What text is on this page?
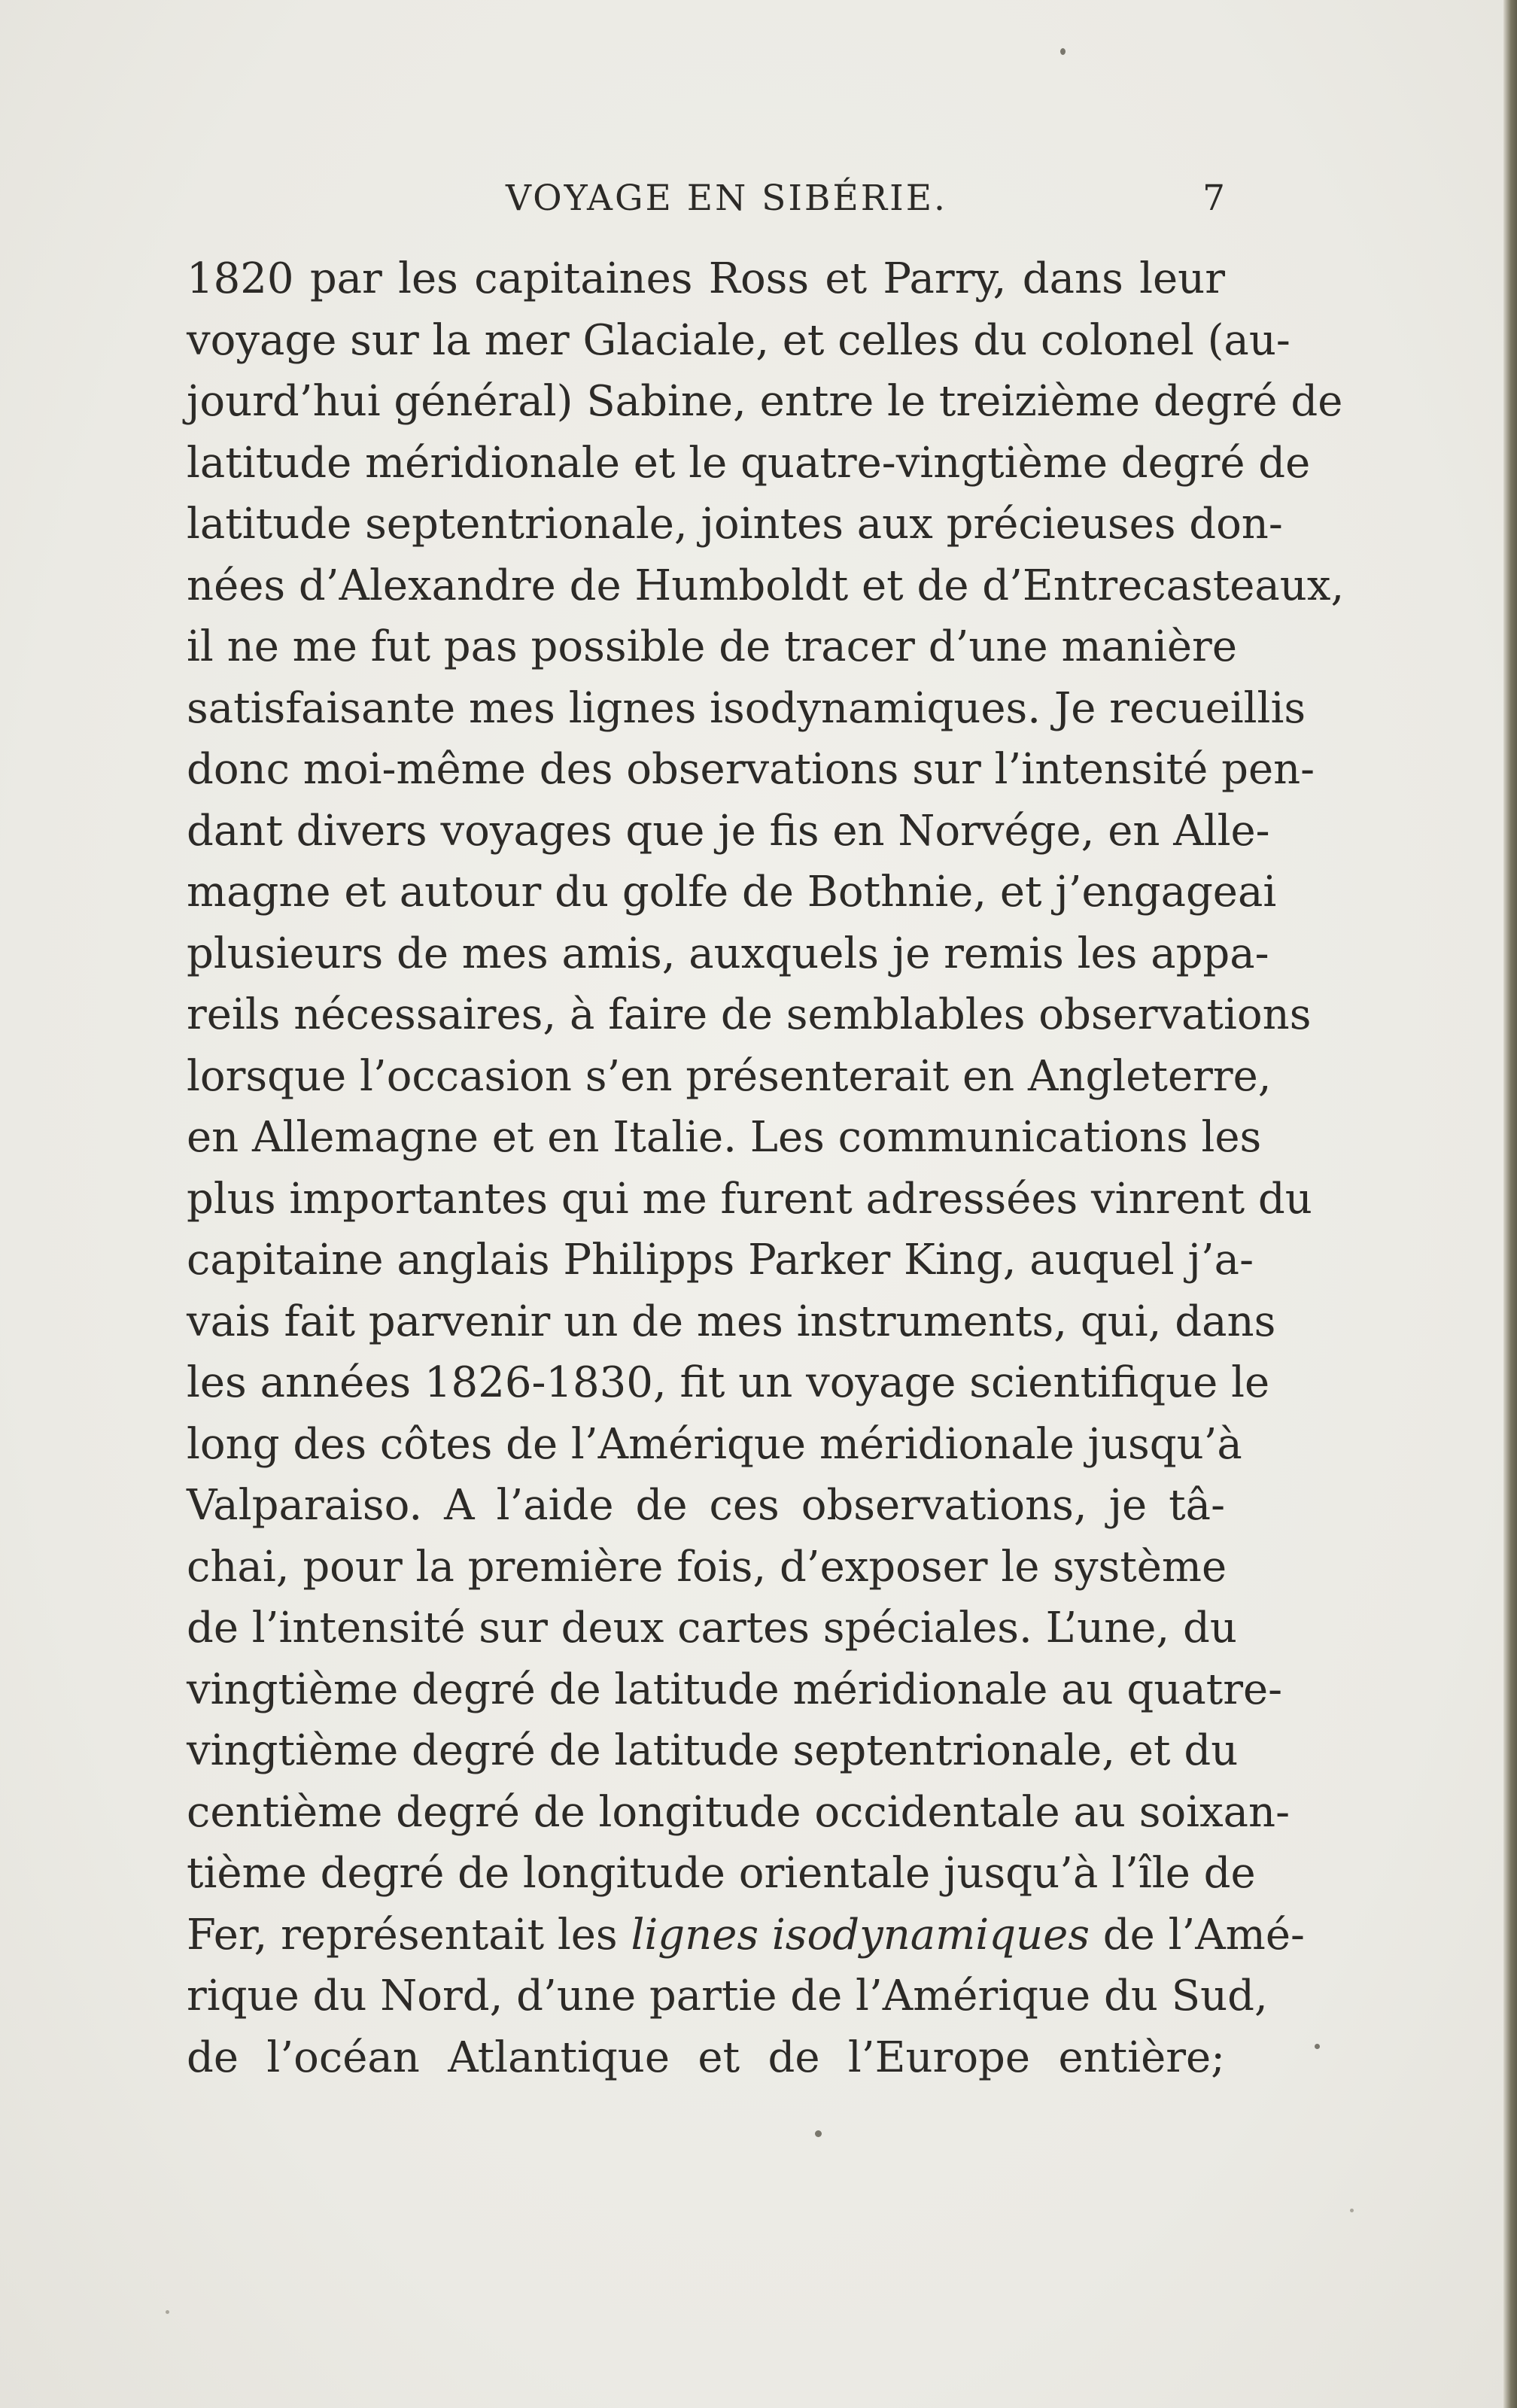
VOYAGE EN SIBÉRIE.	7
1820 par les capitaines Ross et Parry, dans leur
voyage sur la mer Glaciale, et celles du colonel (au-
jourd’hui général) Sabine, entre le treizième degré de
latitude méridionale et le quatre-vingtième degré de
latitude septentrionale, jointes aux précieuses don-
nées d’Alexandre de Humboldt et de d’Entrecasteaux,
il ne me fut pas possible de tracer d’une manière
satisfaisante mes lignes isodynamiques. Je recueillis
donc moi-même des observations sur l’intensité pen-
dant divers voyages que je fis en Norvége, en Alle-
magne et autour du golfe de Bothnie, et j’engageai
plusieurs de mes amis, auxquels je remis les appa-
reils nécessaires, à faire de semblables observations
lorsque l’occasion s’en présenterait en Angleterre,
en Allemagne et en Italie. Les communications les
plus importantes qui me furent adressées vinrent du
capitaine anglais Philipps Parker King, auquel j’a-
vais fait parvenir un de mes instruments, qui, dans
les années 1826-1830, fit un voyage scientifique le
long des côtes de l’Amérique méridionale jusqu’à
Valparaiso. A l’aide de ces observations, je tâ-
chai, pour la première fois, d’exposer le système
de l’intensité sur deux cartes spéciales. L’une, du
vingtième degré de latitude méridionale au quatre-
vingtième degré de latitude septentrionale, et du
centième degré de longitude occidentale au soixan-
tième degré de longitude orientale jusqu’à l’île de
Fer, représentait les lignes isodynamiques de l’Amé-
rique du Nord, d’une partie de l’Amérique du Sud,
de l’océan Atlantique et de l’Europe entière;
